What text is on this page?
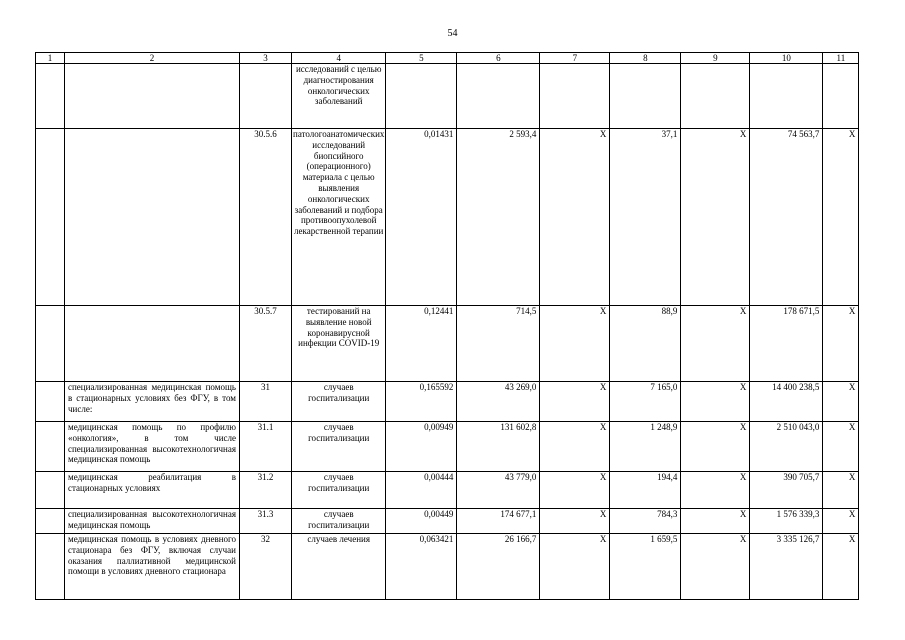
54
1	2	3	4	5	6	7	8	9	10	11
			исследований с целью диагностирования онкологических заболеваний							
		30.5.6	патологоанатомических исследований биопсийного (операционного) материала с целью выявления онкологических заболеваний и подбора противоопухолевой лекарственной терапии	0,01431	2 593,4	X	37,1	X	74 563,7	X
		30.5.7	тестирований на выявление новой коронавирусной инфекции COVID-19	0,12441	714,5	X	88,9	X	178 671,5	X
	специализированная медицинская помощь в стационарных условиях без ФГУ, в том числе:	31	случаев госпитализации	0,165592	43 269,0	X	7 165,0	X	14 400 238,5	X
	медицинская помощь по профилю «онкология», в том числе специализированная высокотехнологичная медицинская помощь	31.1	случаев госпитализации	0,00949	131 602,8	X	1 248,9	X	2 510 043,0	X
	медицинская реабилитация в стационарных условиях	31.2	случаев госпитализации	0,00444	43 779,0	X	194,4	X	390 705,7	X
	специализированная высокотехнологичная медицинская помощь	31.3	случаев госпитализации	0,00449	174 677,1	X	784,3	X	1 576 339,3	X
	медицинская помощь в условиях дневного стационара без ФГУ, включая случаи оказания паллиативной медицинской помощи в условиях дневного стационара	32	случаев лечения	0,063421	26 166,7	X	1 659,5	X	3 335 126,7	X
